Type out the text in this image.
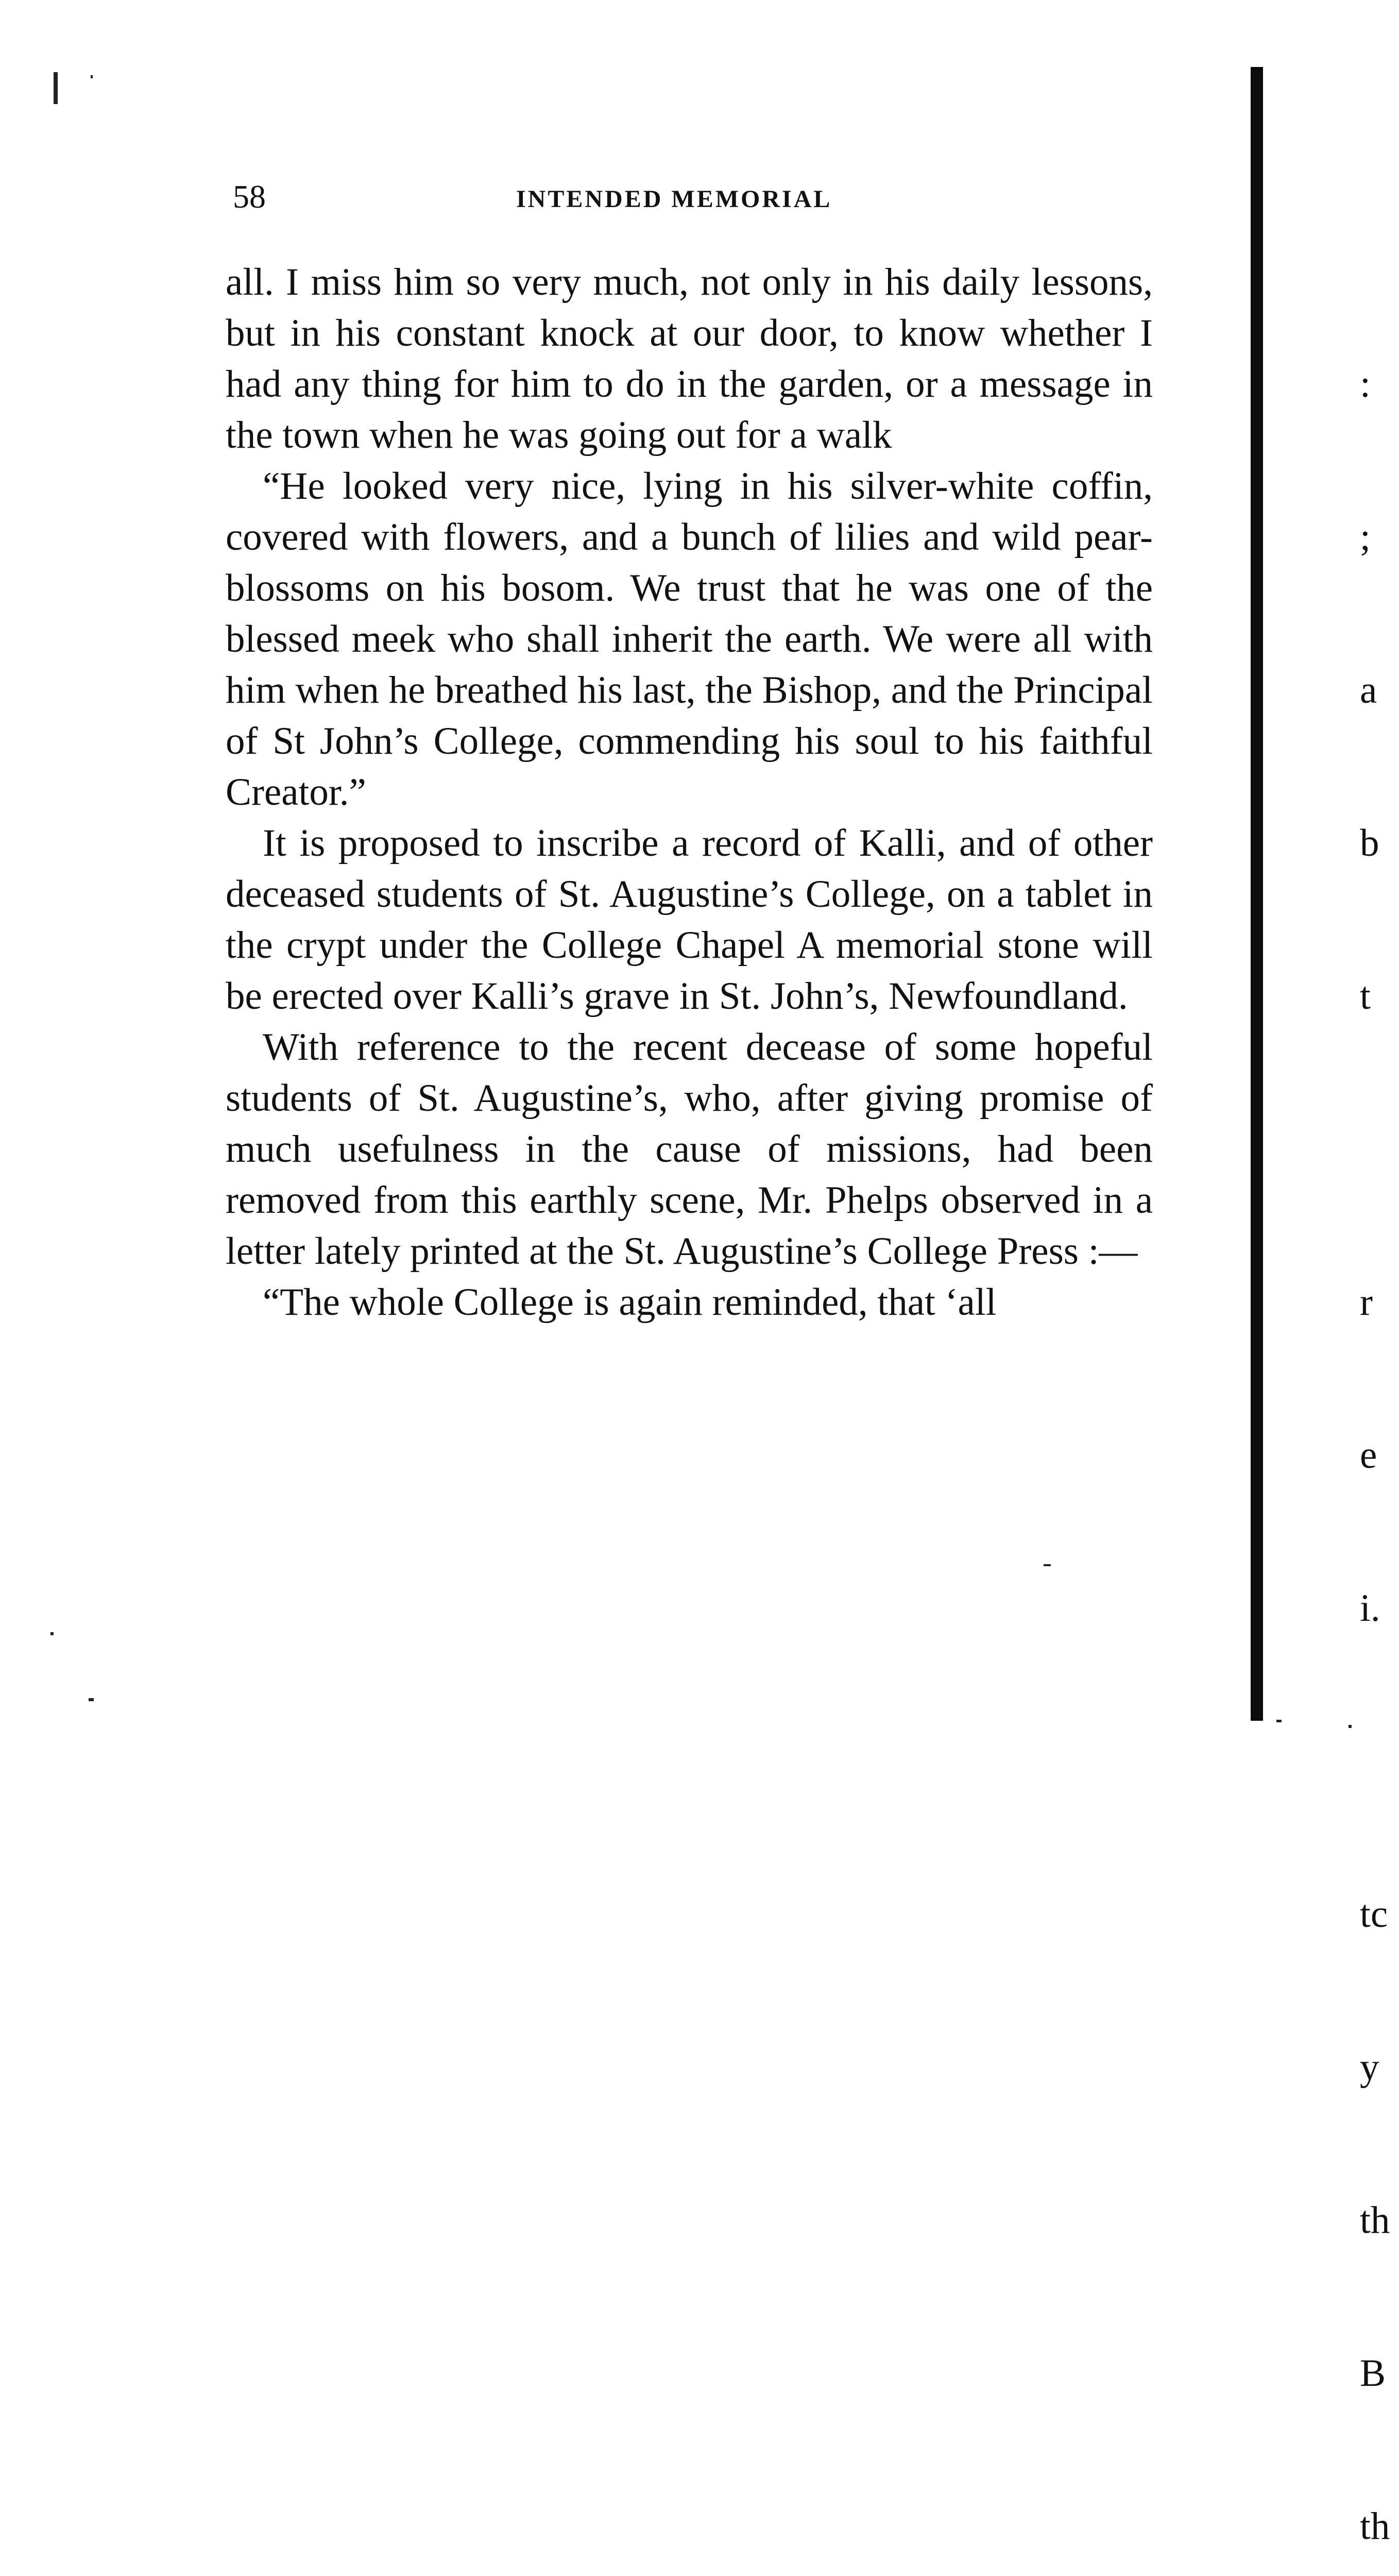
58	INTENDED MEMORIAL

all. I miss him so very much, not only in his daily lessons, but in his constant knock at our door, to know whether I had any thing for him to do in the garden, or a message in the town when he was going out for a walk

“He looked very nice, lying in his silver-white coffin, covered with flowers, and a bunch of lilies and wild pear-blossoms on his bosom. We trust that he was one of the blessed meek who shall inherit the earth. We were all with him when he breathed his last, the Bishop, and the Principal of St John’s College, commending his soul to his faithful Creator.”

It is proposed to inscribe a record of Kalli, and of other deceased students of St. Augustine’s College, on a tablet in the crypt under the College Chapel A memorial stone will be erected over Kalli’s grave in St. John’s, Newfoundland.

With reference to the recent decease of some hopeful students of St. Augustine’s, who, after giving promise of much usefulness in the cause of missions, had been removed from this earthly scene, Mr. Phelps observed in a letter lately printed at the St. Augustine’s College Press :—

“The whole College is again reminded, that ‘all

:

;

a

b

t

r

e

i.

tc

y

th

B

th
